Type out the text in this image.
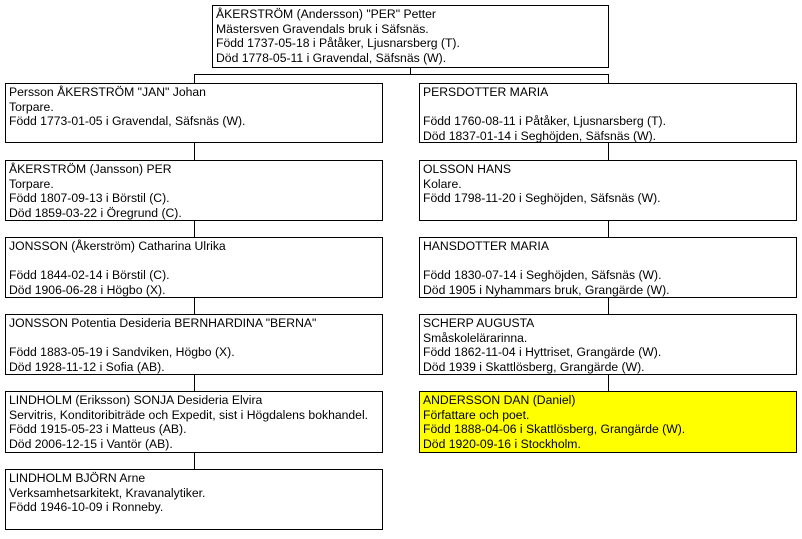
ÅKERSTRÖM (Andersson) "PER" Petter
Mästersven Gravendals bruk i Säfsnäs.
Född 1737-05-18 i Påtåker, Ljusnarsberg (T).
Död 1778-05-11 i Gravendal, Säfsnäs (W).
Persson ÅKERSTRÖM "JAN" Johan
Torpare.
Född 1773-01-05 i Gravendal, Säfsnäs (W).
ÅKERSTRÖM (Jansson) PER
Torpare.
Född 1807-09-13 i Börstil (C).
Död 1859-03-22 i Öregrund (C).
JONSSON (Åkerström) Catharina Ulrika
Född 1844-02-14 i Börstil (C).
Död 1906-06-28 i Högbo (X).
JONSSON Potentia Desideria BERNHARDINA "BERNA"
Född 1883-05-19 i Sandviken, Högbo (X).
Död 1928-11-12 i Sofia (AB).
LINDHOLM (Eriksson) SONJA Desideria Elvira
Servitris, Konditoribiträde och Expedit, sist i Högdalens bokhandel.
Född 1915-05-23 i Matteus (AB).
Död 2006-12-15 i Vantör (AB).
LINDHOLM BJÖRN Arne
Verksamhetsarkitekt, Kravanalytiker.
Född 1946-10-09 i Ronneby.
PERSDOTTER MARIA
Född 1760-08-11 i Påtåker, Ljusnarsberg (T).
Död 1837-01-14 i Seghöjden, Säfsnäs (W).
OLSSON HANS
Kolare.
Född 1798-11-20 i Seghöjden, Säfsnäs (W).
HANSDOTTER MARIA
Född 1830-07-14 i Seghöjden, Säfsnäs (W).
Död 1905 i Nyhammars bruk, Grangärde (W).
SCHERP AUGUSTA
Småskolelärarinna.
Född 1862-11-04 i Hyttriset, Grangärde (W).
Död 1939 i Skattlösberg, Grangärde (W).
ANDERSSON DAN (Daniel)
Författare och poet.
Född 1888-04-06 i Skattlösberg, Grangärde (W).
Död 1920-09-16 i Stockholm.
